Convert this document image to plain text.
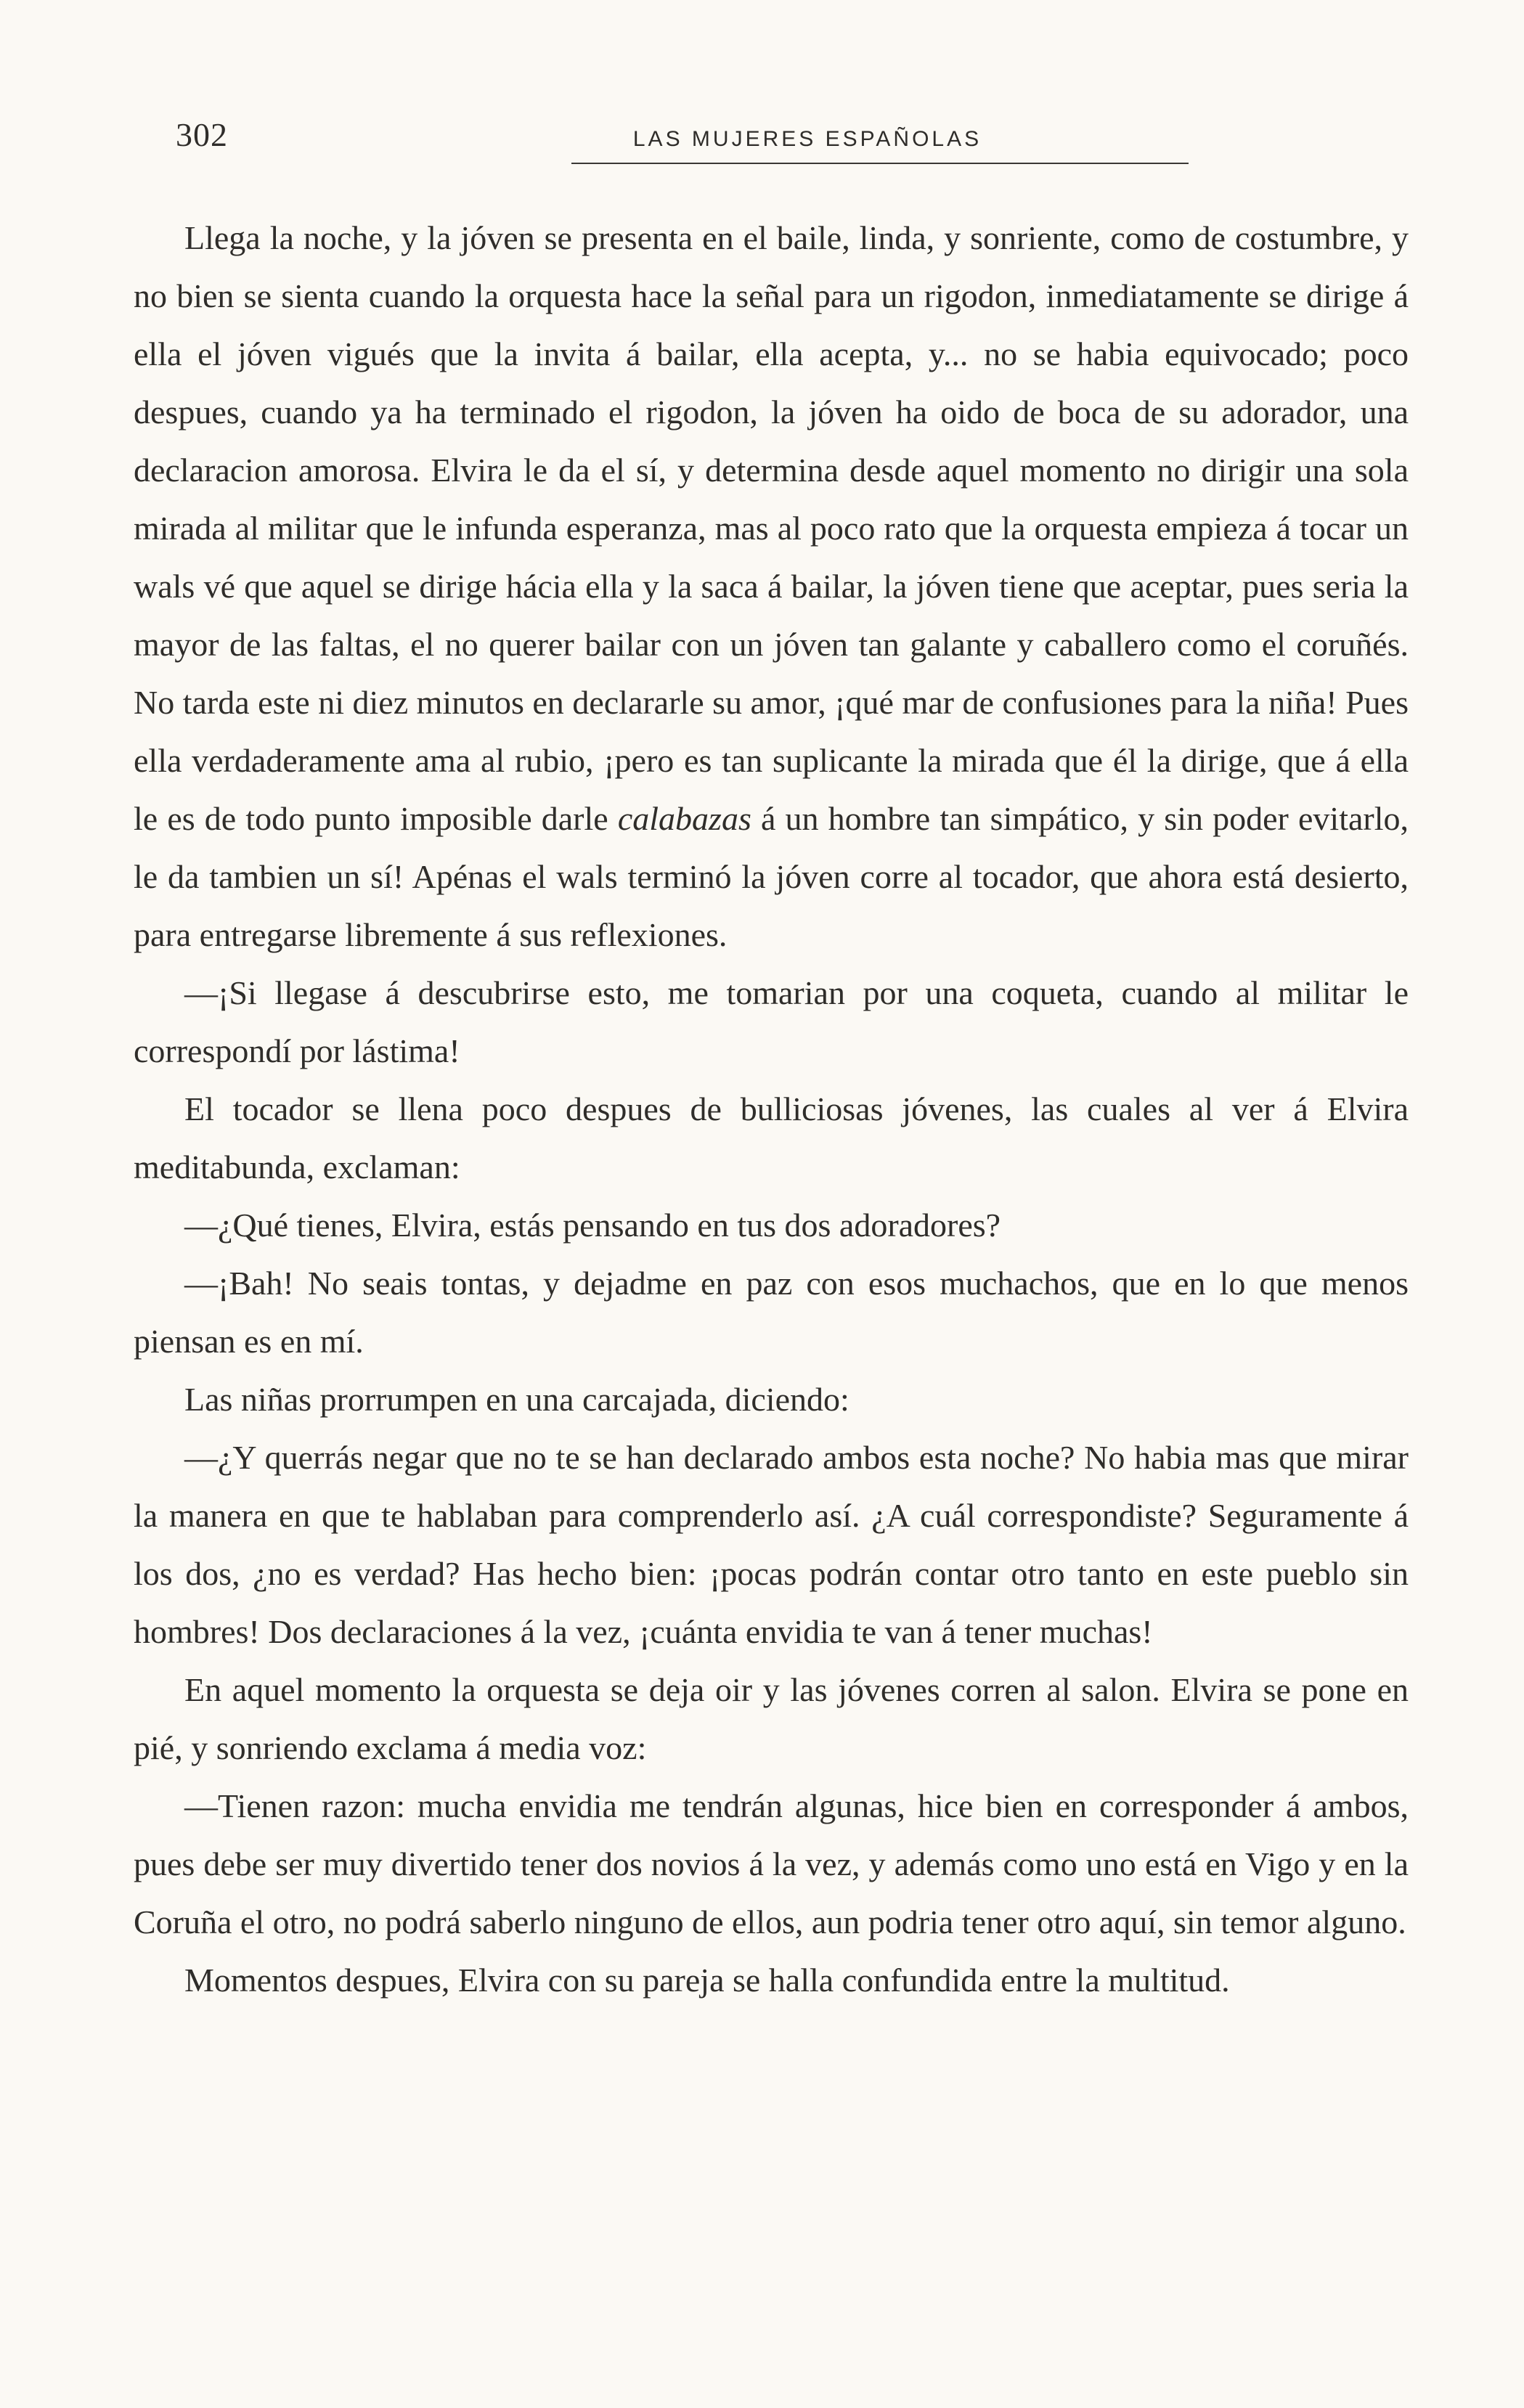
302	LAS MUJERES ESPAÑOLAS

Llega la noche, y la jóven se presenta en el baile, linda, y sonriente, como de costumbre, y no bien se sienta cuando la orquesta hace la señal para un rigodon, inmediatamente se dirige á ella el jóven vigués que la invita á bailar, ella acepta, y... no se habia equivocado; poco despues, cuando ya ha terminado el rigodon, la jóven ha oido de boca de su adorador, una declaracion amorosa. Elvira le da el sí, y determina desde aquel momento no dirigir una sola mirada al militar que le infunda esperanza, mas al poco rato que la orquesta empieza á tocar un wals vé que aquel se dirige hácia ella y la saca á bailar, la jóven tiene que aceptar, pues seria la mayor de las faltas, el no querer bailar con un jóven tan galante y caballero como el coruñés. No tarda este ni diez minutos en declararle su amor, ¡qué mar de confusiones para la niña! Pues ella verdaderamente ama al rubio, ¡pero es tan suplicante la mirada que él la dirige, que á ella le es de todo punto imposible darle calabazas á un hombre tan simpático, y sin poder evitarlo, le da tambien un sí! Apénas el wals terminó la jóven corre al tocador, que ahora está desierto, para entregarse libremente á sus reflexiones.

—¡Si llegase á descubrirse esto, me tomarian por una coqueta, cuando al militar le correspondí por lástima!

El tocador se llena poco despues de bulliciosas jóvenes, las cuales al ver á Elvira meditabunda, exclaman:

—¿Qué tienes, Elvira, estás pensando en tus dos adoradores?

—¡Bah! No seais tontas, y dejadme en paz con esos muchachos, que en lo que menos piensan es en mí.

Las niñas prorrumpen en una carcajada, diciendo:

—¿Y querrás negar que no te se han declarado ambos esta noche? No habia mas que mirar la manera en que te hablaban para comprenderlo así. ¿A cuál correspondiste? Seguramente á los dos, ¿no es verdad? Has hecho bien: ¡pocas podrán contar otro tanto en este pueblo sin hombres! Dos declaraciones á la vez, ¡cuánta envidia te van á tener muchas!

En aquel momento la orquesta se deja oir y las jóvenes corren al salon. Elvira se pone en pié, y sonriendo exclama á media voz:

—Tienen razon: mucha envidia me tendrán algunas, hice bien en corresponder á ambos, pues debe ser muy divertido tener dos novios á la vez, y además como uno está en Vigo y en la Coruña el otro, no podrá saberlo ninguno de ellos, aun podria tener otro aquí, sin temor alguno.

Momentos despues, Elvira con su pareja se halla confundida entre la multitud.
